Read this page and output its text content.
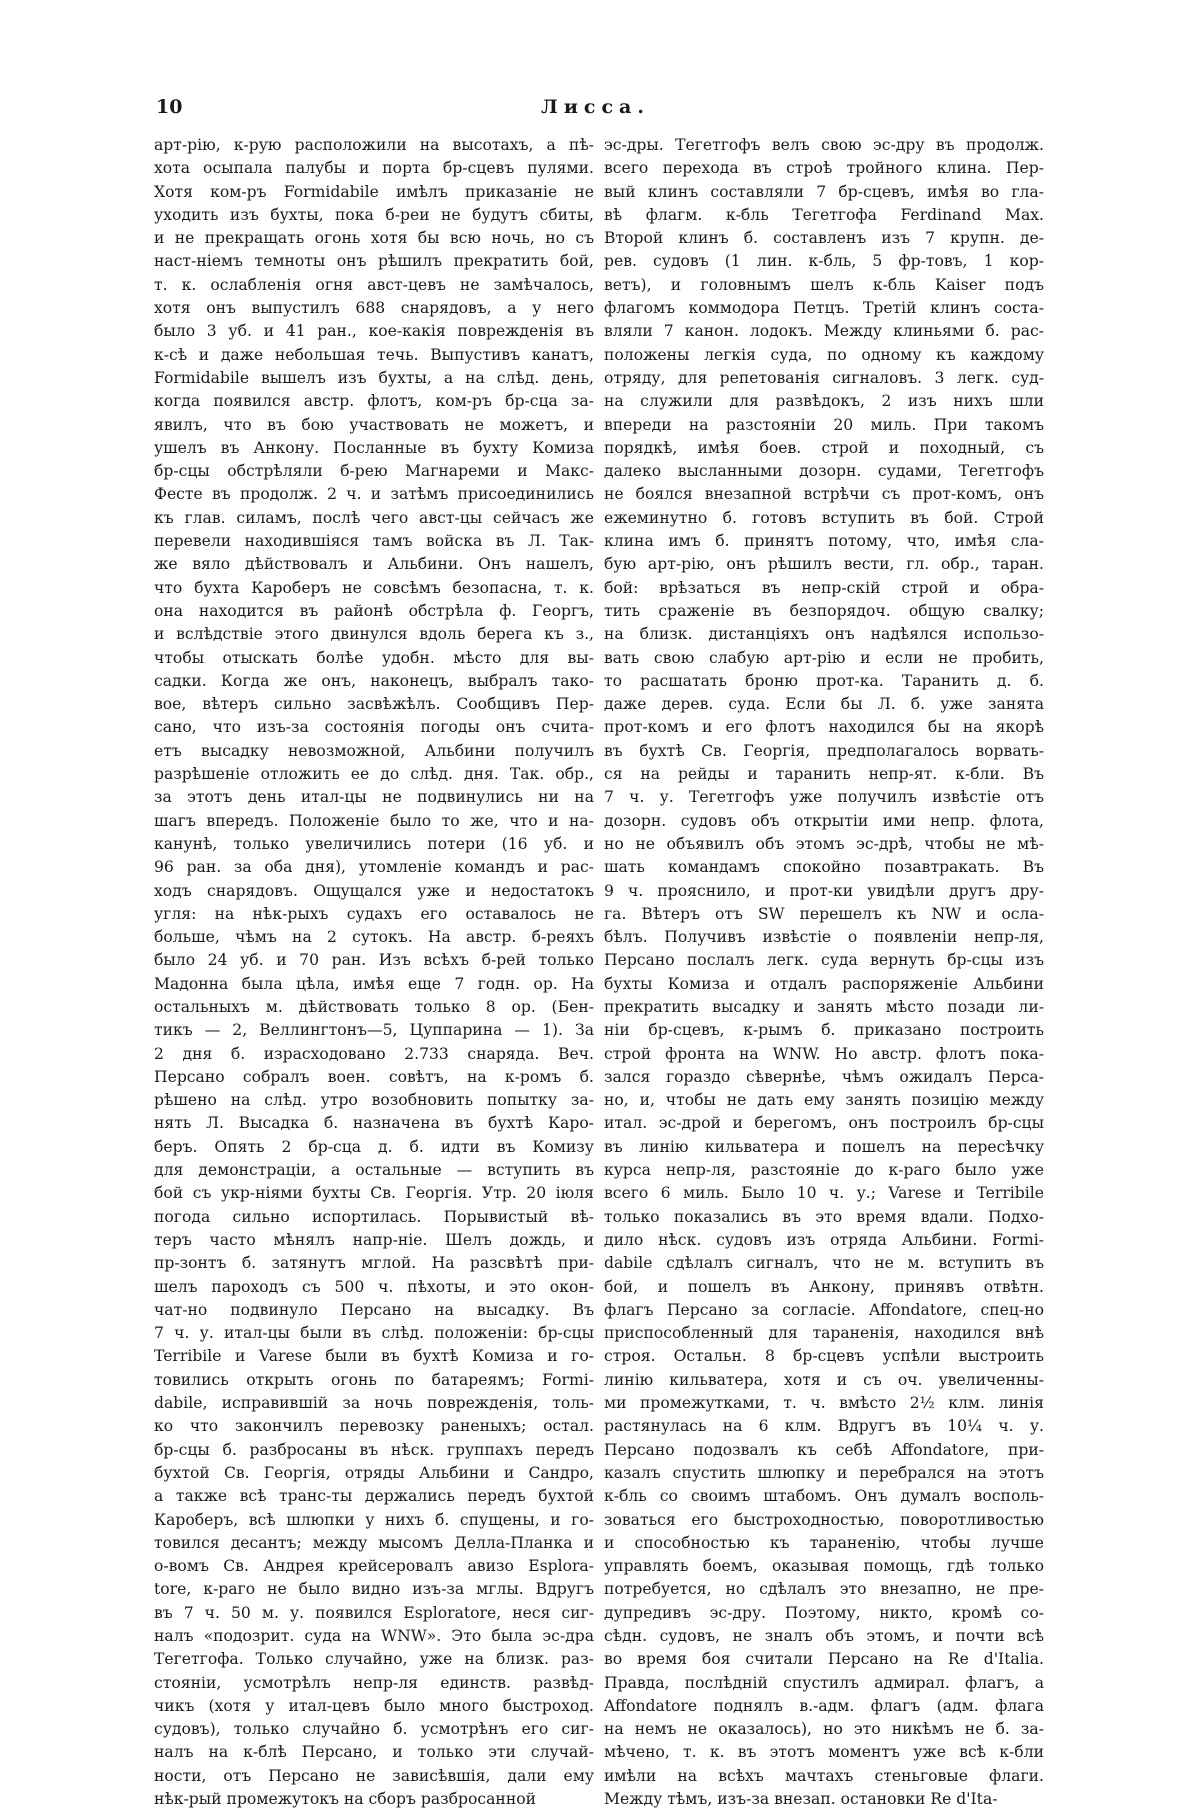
10	Лисса.
арт-рію, к-рую расположили на высотахъ, а пѣ-
хота осыпала палубы и порта бр-сцевъ пулями.
Хотя ком-ръ Formidabile имѣлъ приказаніе не
уходить изъ бухты, пока б-реи не будутъ сбиты,
и не прекращать огонь хотя бы всю ночь, но съ
наст-ніемъ темноты онъ рѣшилъ прекратить бой,
т. к. ослабленія огня авст-цевъ не замѣчалось,
хотя онъ выпустилъ 688 снарядовъ, а у него
было 3 уб. и 41 ран., кое-какія поврежденія въ
к-сѣ и даже небольшая течь. Выпустивъ канатъ,
Formidabile вышелъ изъ бухты, а на слѣд. день,
когда появился австр. флотъ, ком-ръ бр-сца за-
явилъ, что въ бою участвовать не можетъ, и
ушелъ въ Анкону. Посланные въ бухту Комиза
бр-сцы обстрѣляли б-рею Магнареми и Макс-
Фесте въ продолж. 2 ч. и затѣмъ присоединились
къ глав. силамъ, послѣ чего авст-цы сейчасъ же
перевели находившіяся тамъ войска въ Л. Так-
же вяло дѣйствовалъ и Альбини. Онъ нашелъ,
что бухта Кароберъ не совсѣмъ безопасна, т. к.
она находится въ районѣ обстрѣла ф. Георгъ,
и вслѣдствіе этого двинулся вдоль берега къ з.,
чтобы отыскать болѣе удобн. мѣсто для вы-
садки. Когда же онъ, наконецъ, выбралъ тако-
вое, вѣтеръ сильно засвѣжѣлъ. Сообщивъ Пер-
сано, что изъ-за состоянія погоды онъ считa-
етъ высадку невозможной, Альбини получилъ
разрѣшеніе отложить ее до слѣд. дня. Так. обр.,
за этотъ день итал-цы не подвинулись ни на
шагъ впередъ. Положеніе было то же, что и на-
канунѣ, только увеличились потери (16 уб. и
96 ран. за оба дня), утомленіе командъ и рас-
ходъ снарядовъ. Ощущался уже и недостатокъ
угля: на нѣк-рыхъ судахъ его оставалось не
больше, чѣмъ на 2 сутокъ. На австр. б-реяхъ
было 24 уб. и 70 ран. Изъ всѣхъ б-рей только
Мадонна была цѣла, имѣя еще 7 годн. ор. На
остальныхъ м. дѣйствовать только 8 ор. (Бен-
тикъ — 2, Веллингтонъ—5, Цуппарина — 1). За
2 дня б. израсходовано 2.733 снаряда. Веч.
Персано собралъ воен. совѣтъ, на к-ромъ б.
рѣшено на слѣд. утро возобновить попытку за-
нять Л. Высадка б. назначена въ бухтѣ Каро-
беръ. Опять 2 бр-сца д. б. идти въ Комизу
для демонстраціи, а остальные — вступить въ
бой съ укр-ніями бухты Св. Георгія. Утр. 20 іюля
погода сильно испортилась. Порывистый вѣ-
теръ часто мѣнялъ напр-ніе. Шелъ дождь, и
пр-зонтъ б. затянутъ мглой. На разсвѣтѣ при-
шелъ пароходъ съ 500 ч. пѣхоты, и это окон-
чат-но подвинуло Персано на высадку. Въ
7 ч. у. итал-цы были въ слѣд. положеніи: бр-сцы
Terribile и Varese были въ бухтѣ Комиза и го-
товились открыть огонь по батареямъ; Formi-
dabile, исправившій за ночь поврежденія, толь-
ко что закончилъ перевозку раненыхъ; остал.
бр-сцы б. разбросаны въ нѣск. группахъ передъ
бухтой Св. Георгія, отряды Альбини и Сандро,
а также всѣ транс-ты держались передъ бухтой
Кароберъ, всѣ шлюпки у нихъ б. спущены, и го-
товился десантъ; между мысомъ Делла-Планка и
о-вомъ Св. Андрея крейсеровалъ авизо Esplora-
tore, к-раго не было видно изъ-за мглы. Вдругъ
въ 7 ч. 50 м. у. появился Esploratore, неся сиг-
налъ «подозрит. суда на WNW». Это была эс-дра
Тегетгофа. Только случайно, уже на близк. раз-
стояніи, усмотрѣлъ непр-ля единств. развѣд-
чикъ (хотя у итал-цевъ было много быстроход.
судовъ), только случайно б. усмотрѣнъ его сиг-
налъ на к-блѣ Персано, и только эти случай-
ности, отъ Персано не зависѣвшія, дали ему
нѣк-рый промежутокъ на сборъ разбросанной
эс-дры. Тегетгофъ велъ свою эс-дру въ продолж.
всего перехода въ строѣ тройного клина. Пер-
вый клинъ составляли 7 бр-сцевъ, имѣя во гла-
вѣ флагм. к-бль Тегетгофа Ferdinand Max.
Второй клинъ б. составленъ изъ 7 крупн. де-
рев. судовъ (1 лин. к-бль, 5 фр-товъ, 1 кор-
ветъ), и головнымъ шелъ к-бль Kaiser подъ
флагомъ коммодора Петцъ. Третій клинъ соста-
вляли 7 канон. лодокъ. Между клиньями б. рас-
положены легкія суда, по одному къ каждому
отряду, для репетованія сигналовъ. 3 легк. суд-
на служили для развѣдокъ, 2 изъ нихъ шли
впереди на разстояніи 20 миль. При такомъ
порядкѣ, имѣя боев. строй и походный, съ
далеко высланными дозорн. судами, Тегетгофъ
не боялся внезапной встрѣчи съ прот-комъ, онъ
ежеминутно б. готовъ вступить въ бой. Строй
клина имъ б. принятъ потому, что, имѣя сла-
бую арт-рію, онъ рѣшилъ вести, гл. обр., таран.
бой: врѣзаться въ непр-скій строй и обра-
тить сраженіе въ безпорядоч. общую свалку;
на близк. дистанціяхъ онъ надѣялся использо-
вать свою слабую арт-рію и если не пробить,
то расшатать броню прот-ка. Таранить д. б.
даже дерев. суда. Если бы Л. б. уже занята
прот-комъ и его флотъ находился бы на якорѣ
въ бухтѣ Св. Георгія, предполагалось ворвать-
ся на рейды и таранить непр-ят. к-бли. Въ
7 ч. у. Тегетгофъ уже получилъ извѣстіе отъ
дозорн. судовъ объ открытіи ими непр. флота,
но не объявилъ объ этомъ эс-дрѣ, чтобы не мѣ-
шать командамъ спокойно позавтракать. Въ
9 ч. прояснило, и прот-ки увидѣли другъ дру-
га. Вѣтеръ отъ SW перешелъ къ NW и осла-
бѣлъ. Получивъ извѣстіе о появленіи непр-ля,
Персано послалъ легк. суда вернуть бр-сцы изъ
бухты Комиза и отдалъ распоряженіе Альбини
прекратить высадку и занять мѣсто позади ли-
ніи бр-сцевъ, к-рымъ б. приказано построить
строй фронта на WNW. Но австр. флотъ пока-
зался гораздо сѣвернѣе, чѣмъ ожидалъ Персa-
но, и, чтобы не дать ему занять позицію между
итал. эс-дрой и берегомъ, онъ построилъ бр-сцы
въ линію кильватера и пошелъ на пересѣчку
курса непр-ля, разстояніе до к-раго было уже
всего 6 миль. Было 10 ч. у.; Varese и Terribile
только показались въ это время вдали. Подхо-
дило нѣск. судовъ изъ отряда Альбини. Formi-
dabile сдѣлалъ сигналъ, что не м. вступить въ
бой, и пошелъ въ Анкону, принявъ отвѣтн.
флагъ Персано за согласіе. Affondatore, спец-но
приспособленный для тараненія, находился внѣ
строя. Остальн. 8 бр-сцевъ успѣли выстроить
линію кильватера, хотя и съ оч. увеличенны-
ми промежутками, т. ч. вмѣсто 2½ клм. линія
растянулась на 6 клм. Вдругъ въ 10¼ ч. у.
Персано подозвалъ къ себѣ Affondatore, при-
казалъ спустить шлюпку и перебрался на этотъ
к-бль со своимъ штабомъ. Онъ думалъ восполь-
зоваться его быстроходностью, поворотливостью
и способностью къ тараненію, чтобы лучше
управлять боемъ, оказывая помощь, гдѣ только
потребуется, но сдѣлалъ это внезапно, не пре-
дупредивъ эс-дру. Поэтому, никто, кромѣ со-
сѣдн. судовъ, не зналъ объ этомъ, и почти всѣ
во время боя считали Персано на Re d'Italia.
Правда, послѣдній спустилъ адмирал. флагъ, а
Affondatore поднялъ в.-адм. флагъ (адм. флага
на немъ не оказалось), но это никѣмъ не б. за-
мѣчено, т. к. въ этотъ моментъ уже всѣ к-бли
имѣли на всѣхъ мачтахъ стеньговые флаги.
Между тѣмъ, изъ-за внезап. остановки Re d'Ita-
